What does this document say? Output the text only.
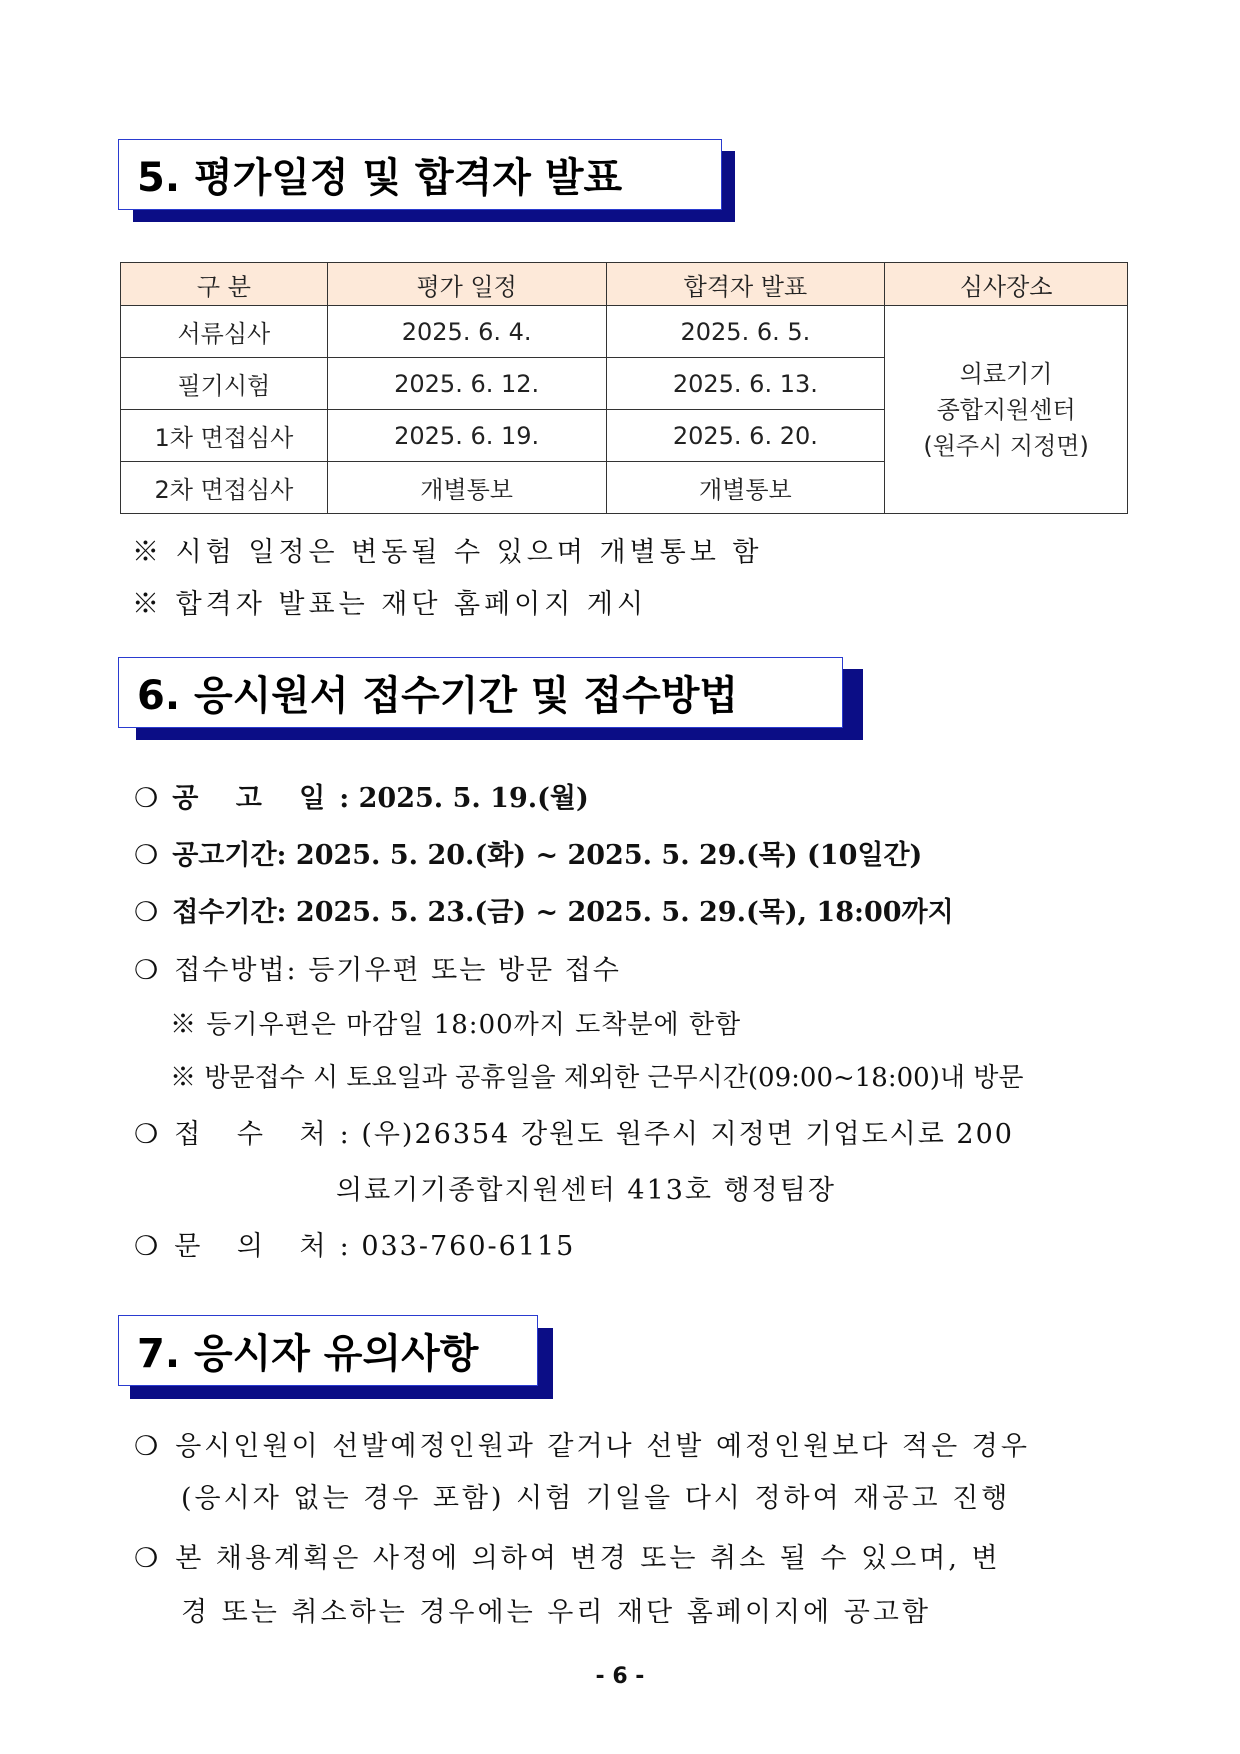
5. 평가일정 및 합격자 발표
구 분	평가 일정	합격자 발표	심사장소
서류심사	2025. 6. 4.	2025. 6. 5.	의료기기
종합지원센터
(원주시 지정면)

필기시험	2025. 6. 12.	2025. 6. 13.	
1차 면접심사	2025. 6. 19.	2025. 6. 20.	
2차 면접심사	개별통보	개별통보	
※ 시험 일정은 변동될 수 있으며 개별통보 함
※ 합격자 발표는 재단 홈페이지 게시
6. 응시원서 접수기간 및 접수방법
❍ 공 고 일: 2025. 5. 19.(월)
❍ 공고기간: 2025. 5. 20.(화) ~ 2025. 5. 29.(목) (10일간)
❍ 접수기간: 2025. 5. 23.(금) ~ 2025. 5. 29.(목), 18:00까지
❍ 접수방법: 등기우편 또는 방문 접수
※ 등기우편은 마감일 18:00까지 도착분에 한함
※ 방문접수 시 토요일과 공휴일을 제외한 근무시간(09:00~18:00)내 방문
❍ 접 수 처: (우)26354 강원도 원주시 지정면 기업도시로 200
의료기기종합지원센터 413호 행정팀장
❍ 문 의 처: 033-760-6115
7. 응시자 유의사항
❍ 응시인원이 선발예정인원과 같거나 선발 예정인원보다 적은 경우
(응시자 없는 경우 포함) 시험 기일을 다시 정하여 재공고 진행
❍ 본 채용계획은 사정에 의하여 변경 또는 취소 될 수 있으며, 변
경 또는 취소하는 경우에는 우리 재단 홈페이지에 공고함
- 6 -
